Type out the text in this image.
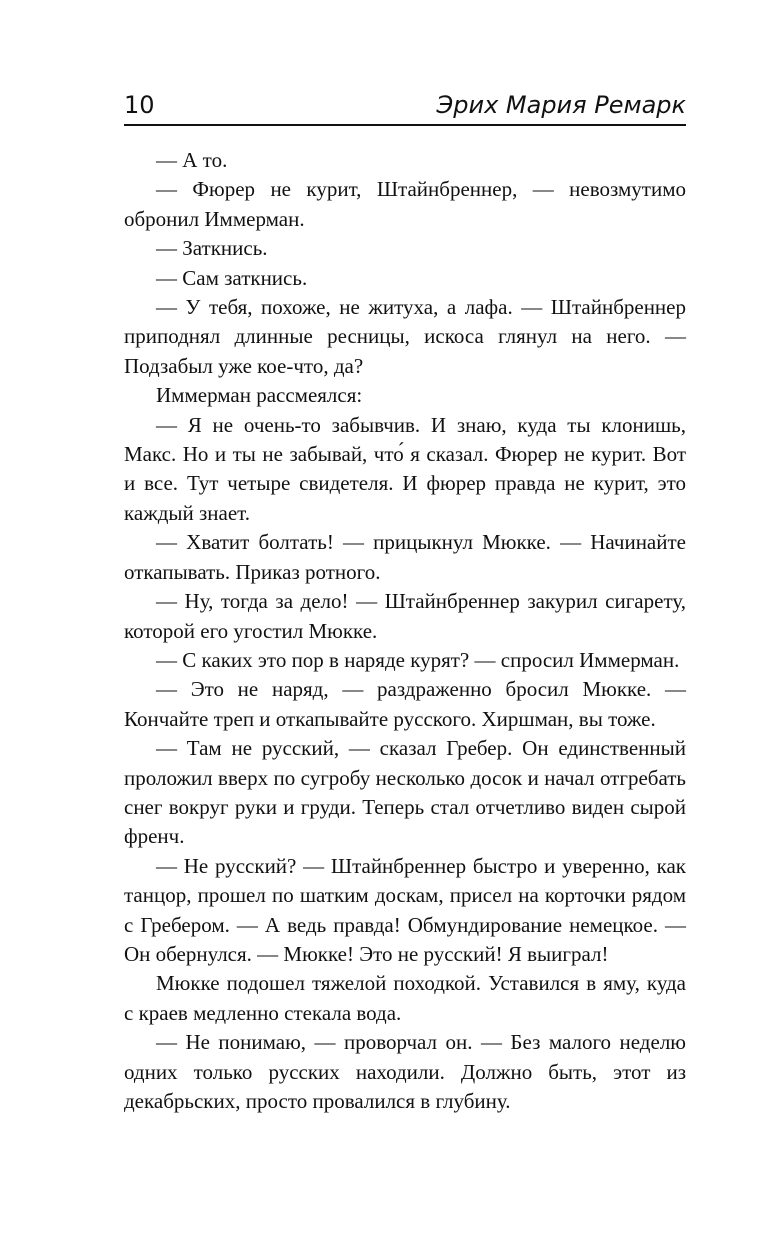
10	Эрих Мария Ремарк

— А то.

— Фюрер не курит, Штайнбреннер, — невозмутимо обронил Иммерман.

— Заткнись.

— Сам заткнись.

— У тебя, похоже, не житуха, а лафа. — Штайнбреннер приподнял длинные ресницы, искоса глянул на него. — Подзабыл уже кое-что, да?

Иммерман рассмеялся:

— Я не очень-то забывчив. И знаю, куда ты клонишь, Макс. Но и ты не забывай, что́ я сказал. Фюрер не курит. Вот и все. Тут четыре свидетеля. И фюрер правда не курит, это каждый знает.

— Хватит болтать! — прицыкнул Мюкке. — Начинайте откапывать. Приказ ротного.

— Ну, тогда за дело! — Штайнбреннер закурил сигарету, которой его угостил Мюкке.

— С каких это пор в наряде курят? — спросил Иммерман.

— Это не наряд, — раздраженно бросил Мюкке. — Кончайте треп и откапывайте русского. Хиршман, вы тоже.

— Там не русский, — сказал Гребер. Он единственный проложил вверх по сугробу несколько досок и начал отгребать снег вокруг руки и груди. Теперь стал отчетливо виден сырой френч.

— Не русский? — Штайнбреннер быстро и уверенно, как танцор, прошел по шатким доскам, присел на корточки рядом с Гребером. — А ведь правда! Обмундирование немецкое. — Он обернулся. — Мюкке! Это не русский! Я выиграл!

Мюкке подошел тяжелой походкой. Уставился в яму, куда с краев медленно стекала вода.

— Не понимаю, — проворчал он. — Без малого неделю одних только русских находили. Должно быть, этот из декабрьских, просто провалился в глубину.
